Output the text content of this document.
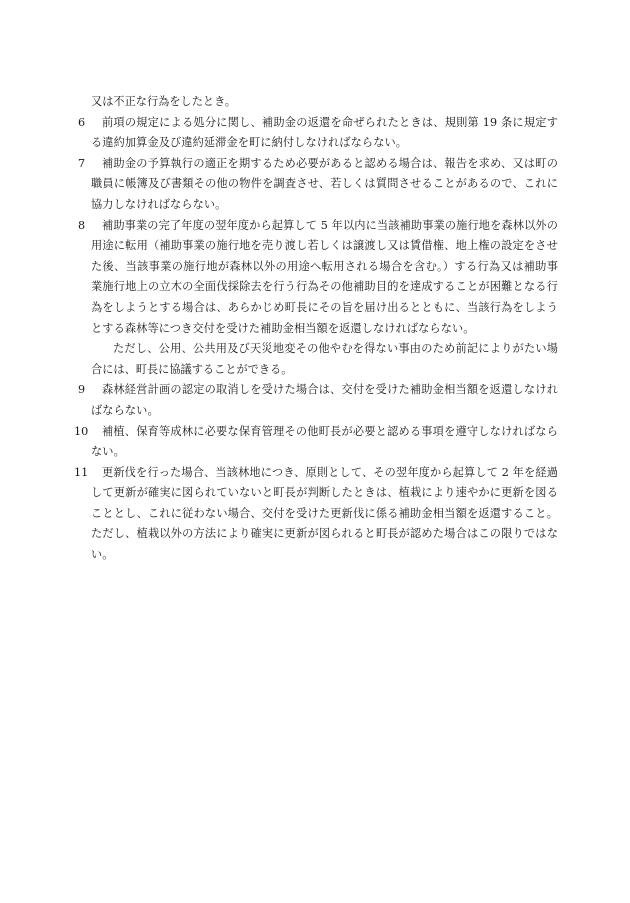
又は不正な行為をしたとき。
6	前項の規定による処分に関し、補助金の返還を命ぜられたときは、規則第 19 条に規定する違約加算金及び違約延滞金を町に納付しなければならない。
7	補助金の予算執行の適正を期するため必要があると認める場合は、報告を求め、又は町の職員に帳簿及び書類その他の物件を調査させ、若しくは質問させることがあるので、これに協力しなければならない。
8	補助事業の完了年度の翌年度から起算して 5 年以内に当該補助事業の施行地を森林以外の用途に転用（補助事業の施行地を売り渡し若しくは譲渡し又は賃借権、地上権の設定をさせた後、当該事業の施行地が森林以外の用途へ転用される場合を含む。）する行為又は補助事業施行地上の立木の全面伐採除去を行う行為その他補助目的を達成することが困難となる行為をしようとする場合は、あらかじめ町長にその旨を届け出るとともに、当該行為をしようとする森林等につき交付を受けた補助金相当額を返還しなければならない。
ただし、公用、公共用及び天災地変その他やむを得ない事由のため前記によりがたい場合には、町長に協議することができる。
9	森林経営計画の認定の取消しを受けた場合は、交付を受けた補助金相当額を返還しなければならない。
10	補植、保育等成林に必要な保育管理その他町長が必要と認める事項を遵守しなければならない。
11	更新伐を行った場合、当該林地につき、原則として、その翌年度から起算して 2 年を経過して更新が確実に図られていないと町長が判断したときは、植栽により速やかに更新を図ることとし、これに従わない場合、交付を受けた更新伐に係る補助金相当額を返還すること。ただし、植栽以外の方法により確実に更新が図られると町長が認めた場合はこの限りではない。
